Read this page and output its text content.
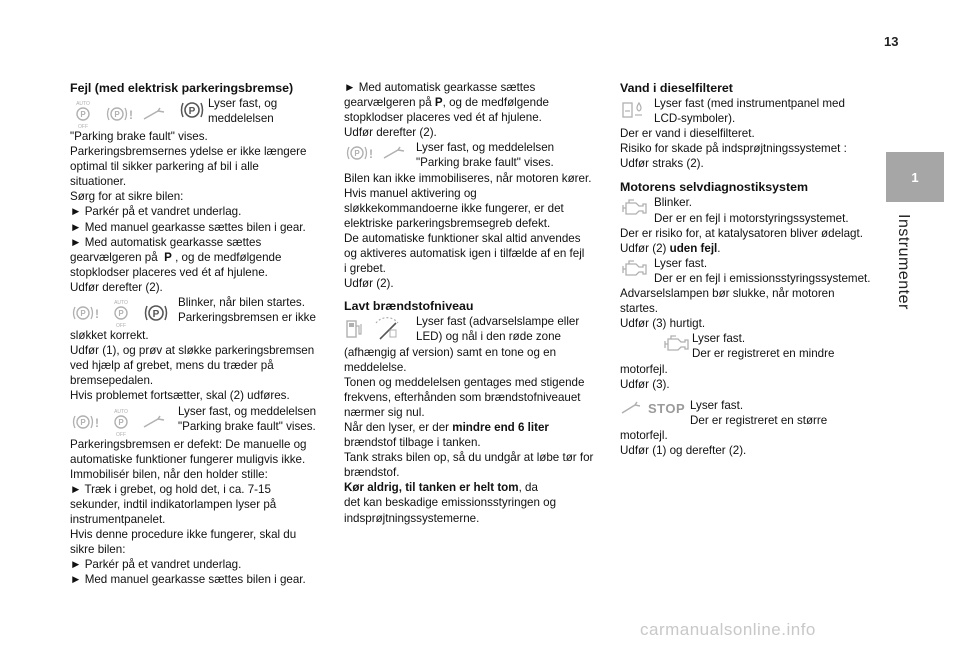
13
1
Instrumenter
Fejl (med elektrisk parkeringsbremse)
AUTO
P
OFF
P !	P

Lyser fast, og

meddelelsen

"Parking brake fault" vises.

Parkeringsbremsernes ydelse er ikke længere

optimal til sikker parkering af bil i alle

situationer.

Sørg for at sikre bilen:

► Parkér på et vandret underlag.

► Med manuel gearkasse sættes bilen i gear.

► Med automatisk gearkasse sættes

gearvælgeren på P , og de medfølgende

stopklodser placeres ved ét af hjulene.

Udfør derefter (2).

P !
AUTO
P
OFF
P

Blinker, når bilen startes.

Parkeringsbremsen er ikke

sløkket korrekt.

Udfør (1), og prøv at sløkke parkeringsbremsen

ved hjælp af grebet, mens du træder på

bremsepedalen.

Hvis problemet fortsætter, skal (2) udføres.

P !
AUTO
P
OFF

Lyser fast, og meddelelsen

"Parking brake fault" vises.

Parkeringsbremsen er defekt: De manuelle og

automatiske funktioner fungerer muligvis ikke.

Immobilisér bilen, når den holder stille:

► Træk i grebet, og hold det, i ca. 7-15

sekunder, indtil indikatorlampen lyser på

instrumentpanelet.

Hvis denne procedure ikke fungerer, skal du

sikre bilen:

► Parkér på et vandret underlag.

► Med manuel gearkasse sættes bilen i gear.

► Med automatisk gearkasse sættes

gearvælgeren på P, og de medfølgende

stopklodser placeres ved ét af hjulene.

Udfør derefter (2).

P !	Lyser fast, og meddelelsen

"Parking brake fault" vises.

Bilen kan ikke immobiliseres, når motoren kører.

Hvis manuel aktivering og

sløkkekommandoerne ikke fungerer, er det

elektriske parkeringsbremsegreb defekt.

De automatiske funktioner skal altid anvendes

og aktiveres automatisk igen i tilfælde af en fejl

i grebet.

Udfør (2).

Lavt brændstofniveau

Lyser fast (advarselslampe eller

LED) og nål i den røde zone

(afhængig af version) samt en tone og en

meddelelse.

Tonen og meddelelsen gentages med stigende

frekvens, efterhånden som brændstofniveauet

nærmer sig nul.

Når den lyser, er der mindre end 6 liter

brændstof tilbage i tanken.

Tank straks bilen op, så du undgår at løbe tør for

brændstof.

Kør aldrig, til tanken er helt tom, da

det kan beskadige emissionsstyringen og

indsprøjtningssystemerne.

Vand i dieselfilteret

Lyser fast (med instrumentpanel med

LCD-symboler).

Der er vand i dieselfilteret.

Risiko for skade på indsprøjtningssystemet :

Udfør straks (2).

Motorens selvdiagnostiksystem

Blinker.

Der er en fejl i motorstyringssystemet.

Der er risiko for, at katalysatoren bliver ødelagt.

Udfør (2) uden fejl.

Lyser fast.

Der er en fejl i emissionsstyringssystemet.

Advarselslampen bør slukke, når motoren

startes.

Udfør (3) hurtigt.

Lyser fast.

Der er registreret en mindre

motorfejl.

Udfør (3).

STOP Lyser fast.

Der er registreret en større

motorfejl.

Udfør (1) og derefter (2).

carmanualsonline.info
